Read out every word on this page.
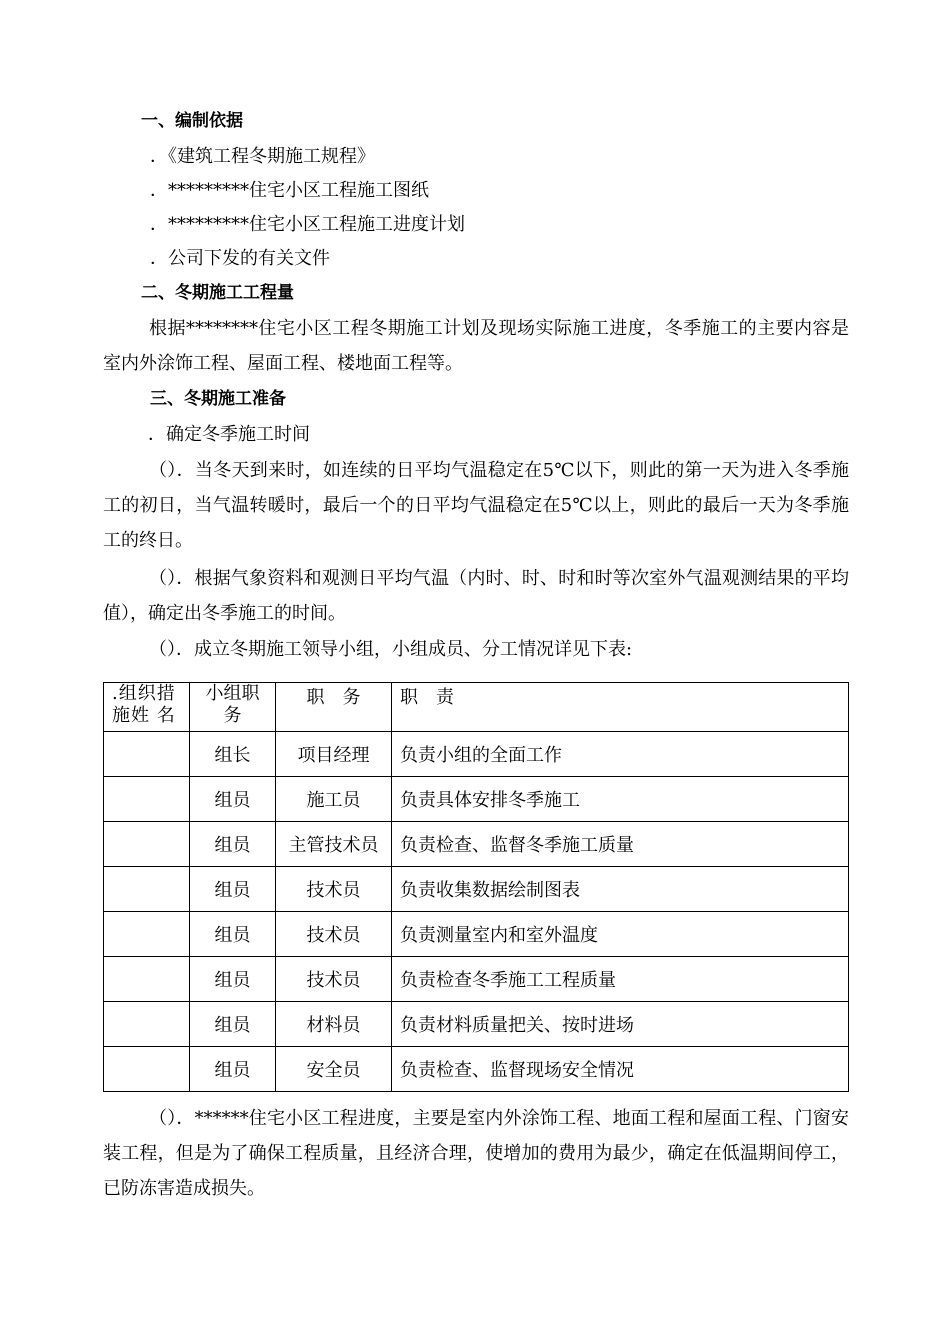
一、编制依据
．《建筑工程冬期施工规程》
．*********住宅小区工程施工图纸
．*********住宅小区工程施工进度计划
．公司下发的有关文件
二、冬期施工工程量
根据********住宅小区工程冬期施工计划及现场实际施工进度，冬季施工的主要内容是室内外涂饰工程、屋面工程、楼地面工程等。
三、冬期施工准备
．确定冬季施工时间
（）．当冬天到来时，如连续的日平均气温稳定在5℃以下，则此的第一天为进入冬季施工的初日，当气温转暖时，最后一个的日平均气温稳定在5℃以上，则此的最后一天为冬季施工的终日。
（）．根据气象资料和观测日平均气温（内时、时、时和时等次室外气温观测结果的平均值），确定出冬季施工的时间。
（）．成立冬期施工领导小组，小组成员、分工情况详见下表:
.组织措施姓 名	小组职务	职　务	职　责
	组长	项目经理	负责小组的全面工作
	组员	施工员	负责具体安排冬季施工
	组员	主管技术员	负责检查、监督冬季施工质量
	组员	技术员	负责收集数据绘制图表
	组员	技术员	负责测量室内和室外温度
	组员	技术员	负责检查冬季施工工程质量
	组员	材料员	负责材料质量把关、按时进场
	组员	安全员	负责检查、监督现场安全情况
（）．******住宅小区工程进度，主要是室内外涂饰工程、地面工程和屋面工程、门窗安装工程，但是为了确保工程质量，且经济合理，使增加的费用为最少，确定在低温期间停工，已防冻害造成损失。
